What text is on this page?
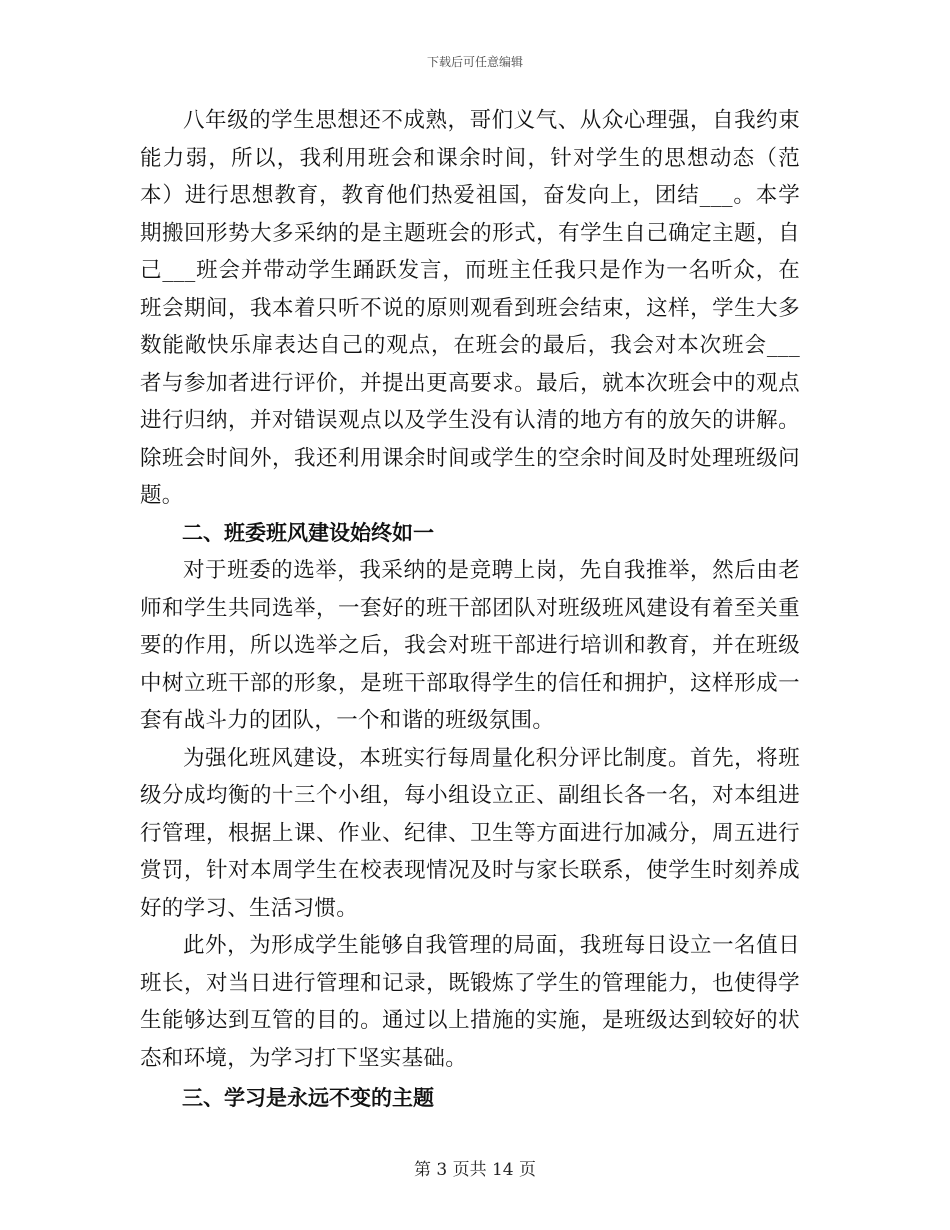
下载后可任意编辑

八年级的学生思想还不成熟，哥们义气、从众心理强，自我约束能力弱，所以，我利用班会和课余时间，针对学生的思想动态（范本）进行思想教育，教育他们热爱祖国，奋发向上，团结___。本学期搬回形势大多采纳的是主题班会的形式，有学生自己确定主题，自己___班会并带动学生踊跃发言，而班主任我只是作为一名听众，在班会期间，我本着只听不说的原则观看到班会结束，这样，学生大多数能敞快乐扉表达自己的观点，在班会的最后，我会对本次班会___者与参加者进行评价，并提出更高要求。最后，就本次班会中的观点进行归纳，并对错误观点以及学生没有认清的地方有的放矢的讲解。除班会时间外，我还利用课余时间或学生的空余时间及时处理班级问题。

二、班委班风建设始终如一

对于班委的选举，我采纳的是竞聘上岗，先自我推举，然后由老师和学生共同选举，一套好的班干部团队对班级班风建设有着至关重要的作用，所以选举之后，我会对班干部进行培训和教育，并在班级中树立班干部的形象，是班干部取得学生的信任和拥护，这样形成一套有战斗力的团队，一个和谐的班级氛围。

为强化班风建设，本班实行每周量化积分评比制度。首先，将班级分成均衡的十三个小组，每小组设立正、副组长各一名，对本组进行管理，根据上课、作业、纪律、卫生等方面进行加减分，周五进行赏罚，针对本周学生在校表现情况及时与家长联系，使学生时刻养成好的学习、生活习惯。

此外，为形成学生能够自我管理的局面，我班每日设立一名值日班长，对当日进行管理和记录，既锻炼了学生的管理能力，也使得学生能够达到互管的目的。通过以上措施的实施，是班级达到较好的状态和环境，为学习打下坚实基础。

三、学习是永远不变的主题

第 3 页共 14 页
